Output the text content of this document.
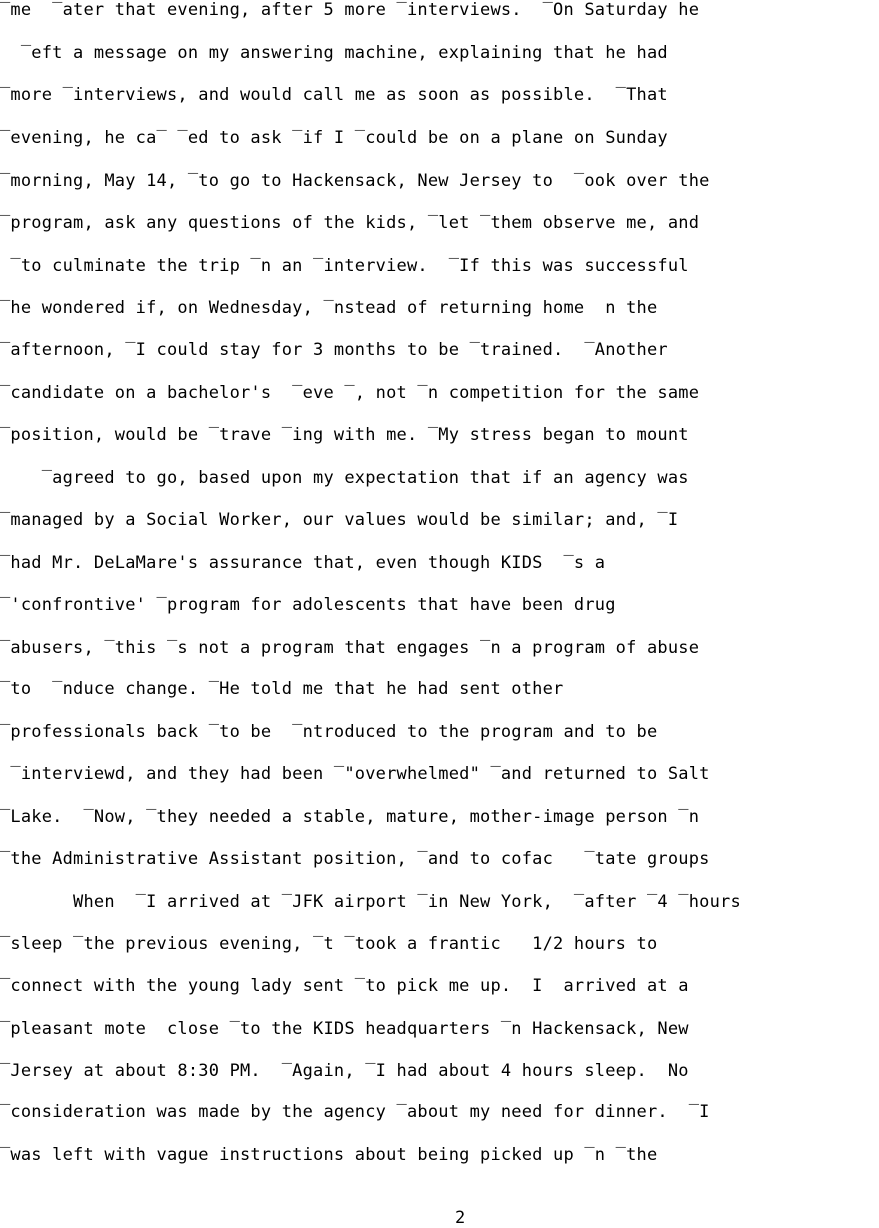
‾me  ‾ater that evening, after 5 more ‾interviews.  ‾On Saturday he
‾eft a message on my answering machine, explaining that he had
‾more ‾interviews, and would call me as soon as possible.  ‾That
‾evening, he ca‾ ‾ed to ask ‾if I ‾could be on a plane on Sunday
‾morning, May 14, ‾to go to Hackensack, New Jersey to  ‾ook over the
‾program, ask any questions of the kids, ‾let ‾them observe me, and
‾to culminate the trip ‾n an ‾interview.  ‾If this was successful
‾he wondered if, on Wednesday, ‾nstead of returning home  n the
‾afternoon, ‾I could stay for 3 months to be ‾trained.  ‾Another
‾candidate on a bachelor's  ‾eve ‾, not ‾n competition for the same
‾position, would be ‾trave ‾ing with me. ‾My stress began to mount
‾agreed to go, based upon my expectation that if an agency was
‾managed by a Social Worker, our values would be similar; and, ‾I
‾had Mr. DeLaMare's assurance that, even though KIDS  ‾s a
‾'confrontive' ‾program for adolescents that have been drug
‾abusers, ‾this ‾s not a program that engages ‾n a program of abuse
‾to  ‾nduce change. ‾He told me that he had sent other
‾professionals back ‾to be  ‾ntroduced to the program and to be
‾interviewd, and they had been ‾"overwhelmed" ‾and returned to Salt
‾Lake.  ‾Now, ‾they needed a stable, mature, mother-image person ‾n
‾the Administrative Assistant position, ‾and to cofac   ‾tate groups
When  ‾I arrived at ‾JFK airport ‾in New York,  ‾after ‾4 ‾hours
‾sleep ‾the previous evening, ‾t ‾took a frantic   1/2 hours to
‾connect with the young lady sent ‾to pick me up.  I  arrived at a
‾pleasant mote  close ‾to the KIDS headquarters ‾n Hackensack, New
‾Jersey at about 8:30 PM.  ‾Again, ‾I had about 4 hours sleep.  No
‾consideration was made by the agency ‾about my need for dinner.  ‾I
‾was left with vague instructions about being picked up ‾n ‾the
2
